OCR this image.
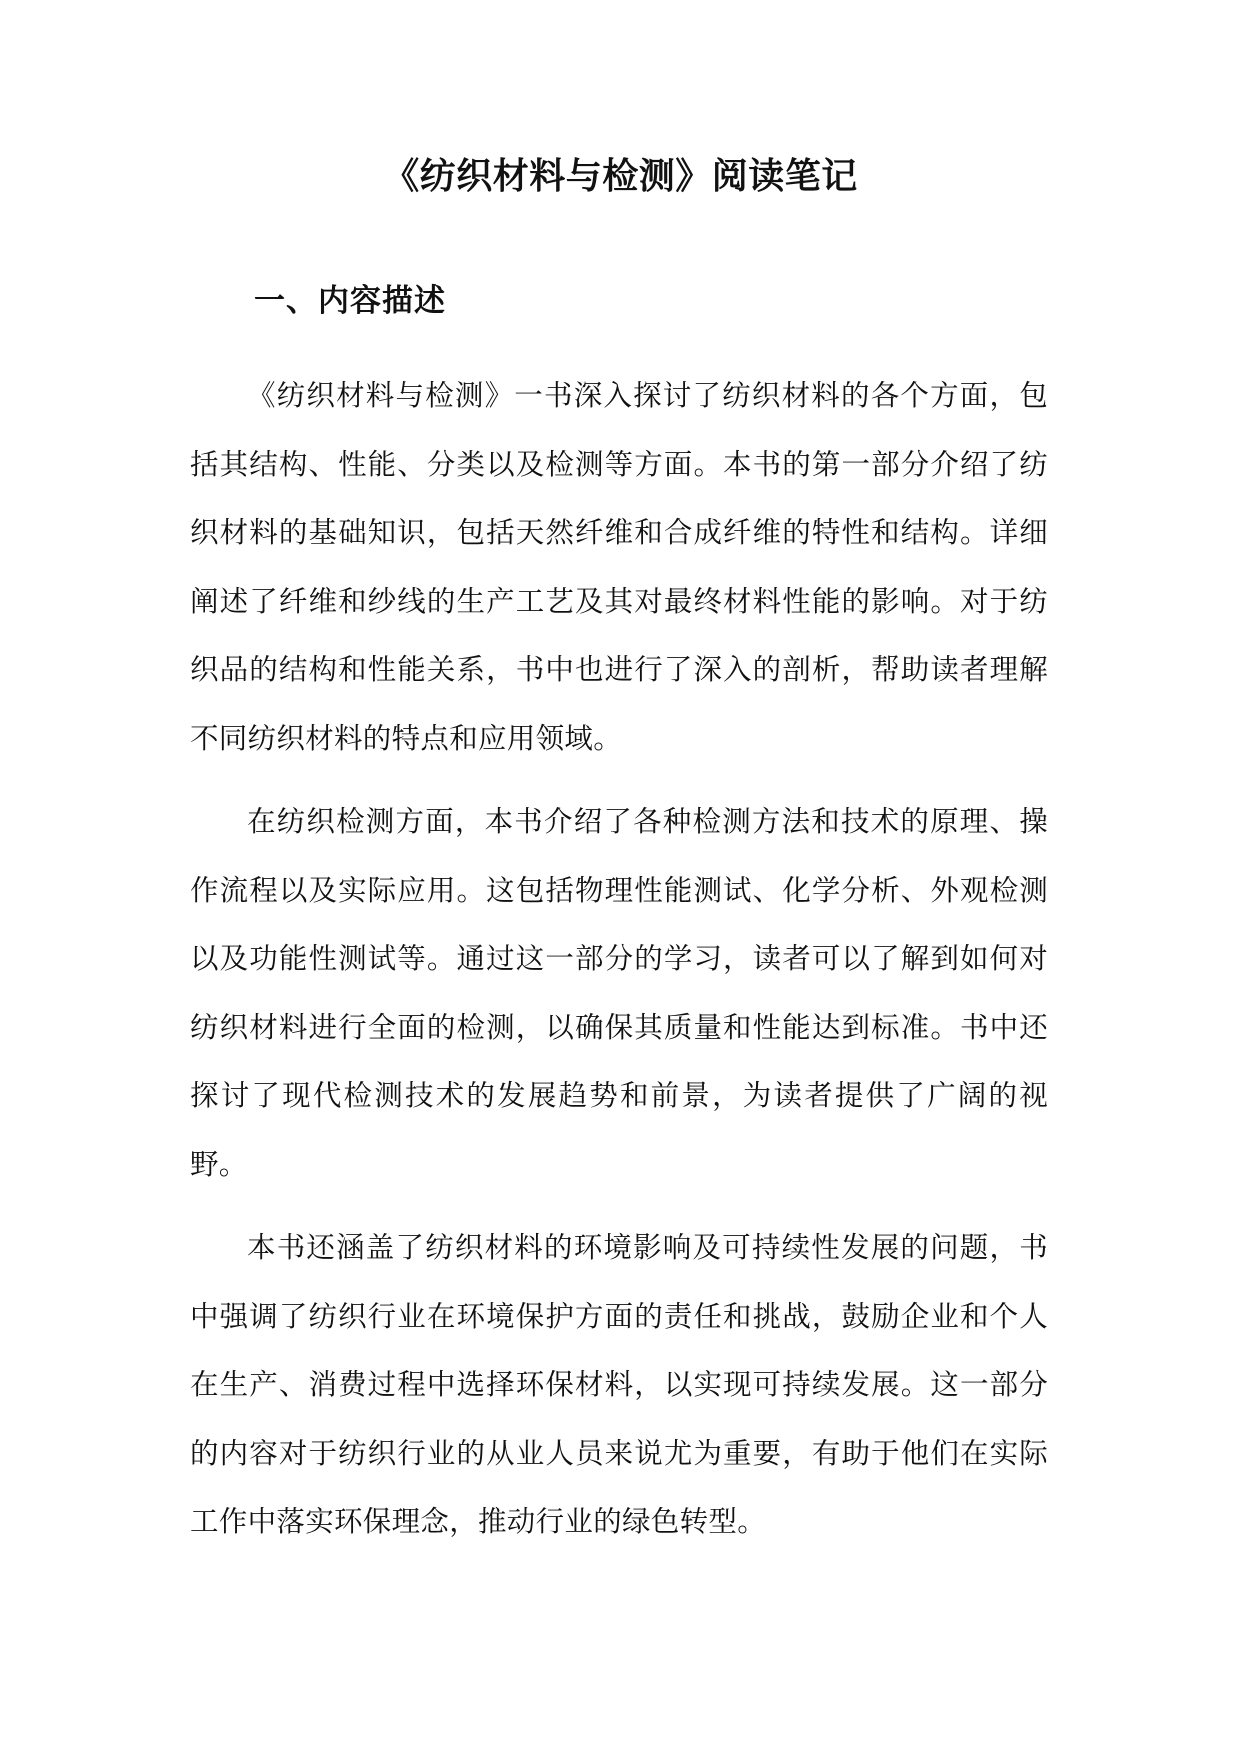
《纺织材料与检测》阅读笔记
一、内容描述

《纺织材料与检测》一书深入探讨了纺织材料的各个方面，包括其结构、性能、分类以及检测等方面。本书的第一部分介绍了纺织材料的基础知识，包括天然纤维和合成纤维的特性和结构。详细阐述了纤维和纱线的生产工艺及其对最终材料性能的影响。对于纺织品的结构和性能关系，书中也进行了深入的剖析，帮助读者理解不同纺织材料的特点和应用领域。

在纺织检测方面，本书介绍了各种检测方法和技术的原理、操作流程以及实际应用。这包括物理性能测试、化学分析、外观检测以及功能性测试等。通过这一部分的学习，读者可以了解到如何对纺织材料进行全面的检测，以确保其质量和性能达到标准。书中还探讨了现代检测技术的发展趋势和前景，为读者提供了广阔的视野。

本书还涵盖了纺织材料的环境影响及可持续性发展的问题，书中强调了纺织行业在环境保护方面的责任和挑战，鼓励企业和个人在生产、消费过程中选择环保材料，以实现可持续发展。这一部分的内容对于纺织行业的从业人员来说尤为重要，有助于他们在实际工作中落实环保理念，推动行业的绿色转型。
